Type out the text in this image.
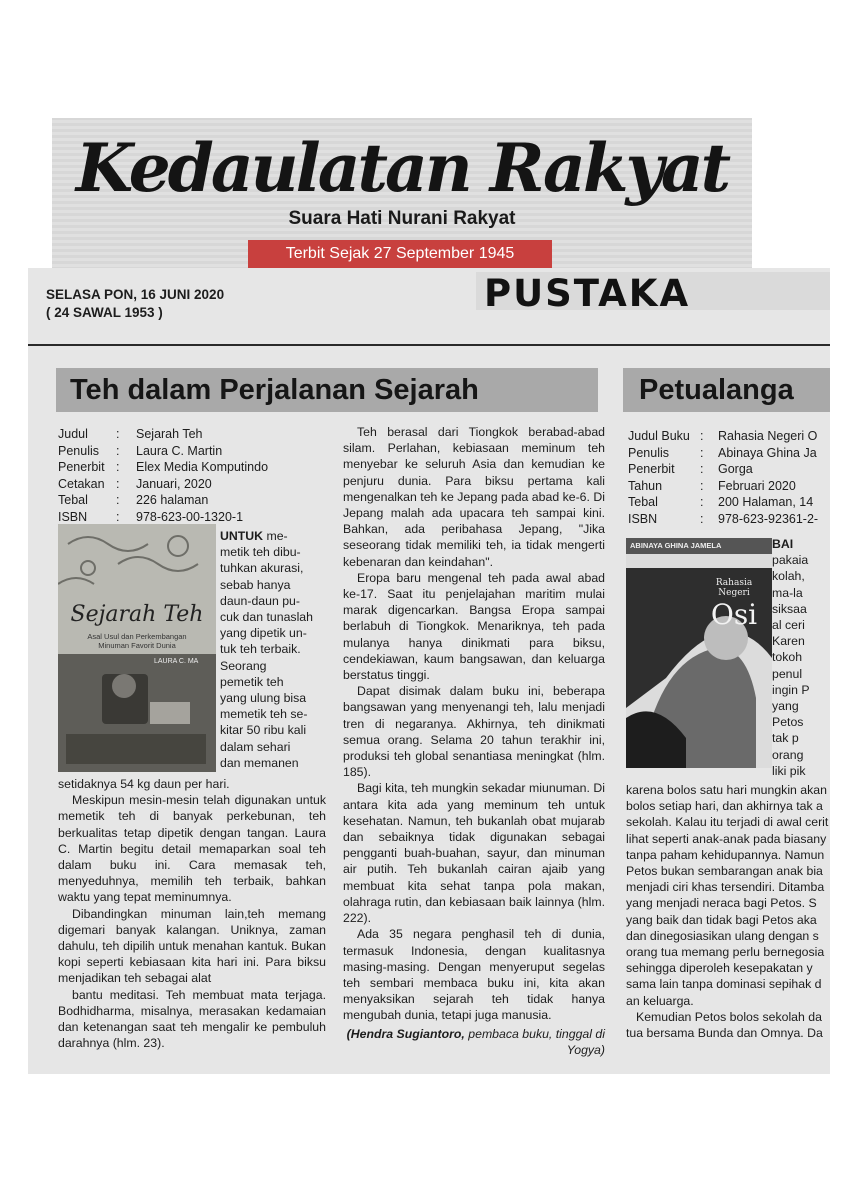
Kedaulatan Rakyat
Suara Hati Nurani Rakyat
Terbit Sejak 27 September 1945
SELASA PON, 16 JUNI 2020
( 24 SAWAL 1953 )	PUSTAKA
Teh dalam Perjalanan Sejarah	Petualanga
Judul	:	Sejarah Teh
Penulis	:	Laura C. Martin
Penerbit :	Elex Media Komputindo
Cetakan :	Januari, 2020
Tebal	:	226 halaman
ISBN	:	978-623-00-1320-1
Sejarah Teh
Asal Usul dan Perkembangan Minuman Favorit Dunia
LAURA C. MA
UNTUK me-
metik teh dibu-
tuhkan akurasi,
sebab hanya
daun-daun pu-
cuk dan tunaslah
yang dipetik un-
tuk teh terbaik.
Seorang
pemetik teh
yang ulung bisa
memetik teh se-
kitar 50 ribu kali
dalam sehari
dan memanen

setidaknya 54 kg daun per hari.

Meskipun mesin-mesin telah digunakan untuk memetik teh di banyak perkebunan, teh berkualitas tetap dipetik dengan tangan. Laura C. Martin begitu detail memaparkan soal teh dalam buku ini. Cara memasak teh, menyeduhnya, memilih teh terbaik, bahkan waktu yang tepat meminumnya.

Dibandingkan minuman lain,teh memang digemari banyak kalangan. Uniknya, zaman dahulu, teh dipilih untuk menahan kantuk. Bukan kopi seperti kebiasaan kita hari ini. Para biksu menjadikan teh sebagai alat

bantu meditasi. Teh membuat mata terjaga. Bodhidharma, misalnya, merasakan kedamaian dan ketenangan saat teh mengalir ke pembuluh darahnya (hlm. 23).

Teh berasal dari Tiongkok berabad-abad silam. Perlahan, kebiasaan meminum teh menyebar ke seluruh Asia dan kemudian ke penjuru dunia. Para biksu pertama kali mengenalkan teh ke Jepang pada abad ke-6. Di Jepang malah ada upacara teh sampai kini. Bahkan, ada peribahasa Jepang, "Jika seseorang tidak memiliki teh, ia tidak mengerti kebenaran dan keindahan".

Eropa baru mengenal teh pada awal abad ke-17. Saat itu penjelajahan maritim mulai marak digencarkan. Bangsa Eropa sampai berlabuh di Tiongkok. Menariknya, teh pada mulanya hanya dinikmati para biksu, cendekiawan, kaum bangsawan, dan keluarga berstatus tinggi.

Dapat disimak dalam buku ini, beberapa bangsawan yang menyenangi teh, lalu menjadi tren di negaranya. Akhirnya, teh dinikmati semua orang. Selama 20 tahun terakhir ini, produksi teh global senantiasa meningkat (hlm. 185).

Bagi kita, teh mungkin sekadar miunuman. Di antara kita ada yang meminum teh untuk kesehatan. Namun, teh bukanlah obat mujarab dan sebaiknya tidak digunakan sebagai pengganti buah-buahan, sayur, dan minuman air putih. Teh bukanlah cairan ajaib yang membuat kita sehat tanpa pola makan, olahraga rutin, dan kebiasaan baik lainnya (hlm. 222).

Ada 35 negara penghasil teh di dunia, termasuk Indonesia, dengan kualitasnya masing-masing. Dengan menyeruput segelas teh sembari membaca buku ini, kita akan menyaksikan sejarah teh tidak hanya mengubah dunia, tetapi juga manusia.

(Hendra Sugiantoro, pembaca buku, tinggal di Yogya)

Judul Buku :	Rahasia Negeri O
Penulis	:	Abinaya Ghina Ja
Penerbit	:	Gorga
Tahun	:	Februari 2020
Tebal	:	200 Halaman, 14
ISBN	:	978-623-92361-2-
ABINAYA GHINA JAMELA
Rahasia Negeri
Osi
BAI
pakaia
kolah,
ma-la
siksaa
al ceri
Karen
tokoh
penul
ingin P
yang
Petos
tak p
orang
liki pik
karena bolos satu hari mungkin akan
bolos setiap hari, dan akhirnya tak a
sekolah. Kalau itu terjadi di awal cerit
lihat seperti anak-anak pada biasany
tanpa paham kehidupannya. Namun
Petos bukan sembarangan anak bia
menjadi ciri khas tersendiri. Ditamba
yang menjadi neraca bagi Petos. S
yang baik dan tidak bagi Petos aka
dan dinegosiasikan ulang dengan s
orang tua memang perlu bernegosia
sehingga diperoleh kesepakatan y
sama lain tanpa dominasi sepihak d
an keluarga.
Kemudian Petos bolos sekolah da
tua bersama Bunda dan Omnya. Da
